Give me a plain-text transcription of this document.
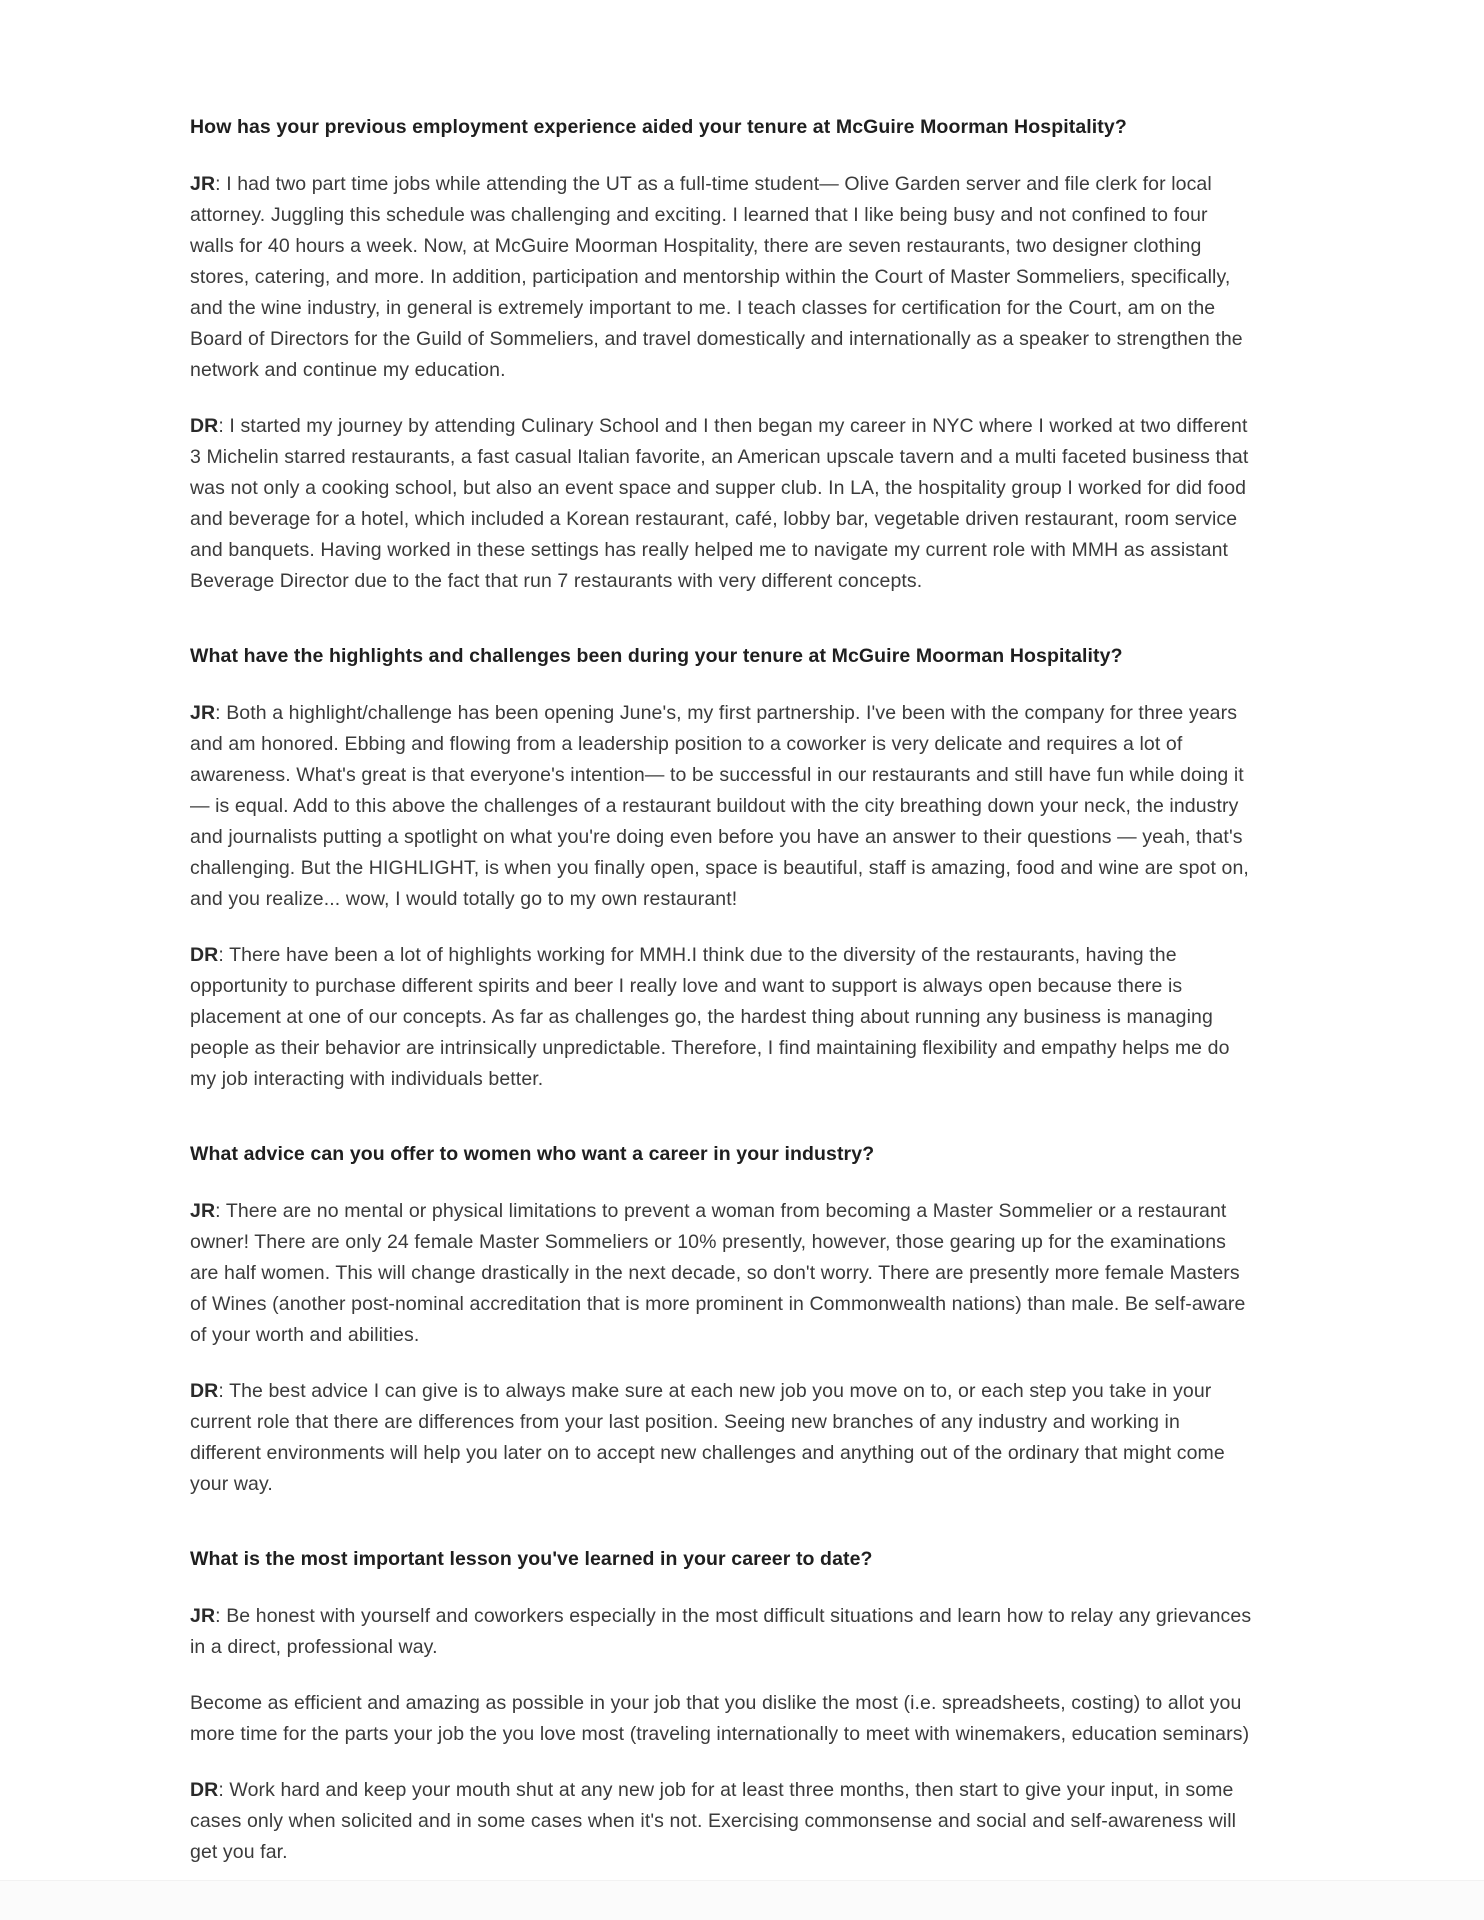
How has your previous employment experience aided your tenure at McGuire Moorman Hospitality?

JR: I had two part time jobs while attending the UT as a full-time student— Olive Garden server and file clerk for local attorney. Juggling this schedule was challenging and exciting. I learned that I like being busy and not confined to four walls for 40 hours a week. Now, at McGuire Moorman Hospitality, there are seven restaurants, two designer clothing stores, catering, and more. In addition, participation and mentorship within the Court of Master Sommeliers, specifically, and the wine industry, in general is extremely important to me. I teach classes for certification for the Court, am on the Board of Directors for the Guild of Sommeliers, and travel domestically and internationally as a speaker to strengthen the network and continue my education.

DR: I started my journey by attending Culinary School and I then began my career in NYC where I worked at two different 3 Michelin starred restaurants, a fast casual Italian favorite, an American upscale tavern and a multi faceted business that was not only a cooking school, but also an event space and supper club. In LA, the hospitality group I worked for did food and beverage for a hotel, which included a Korean restaurant, café, lobby bar, vegetable driven restaurant, room service and banquets. Having worked in these settings has really helped me to navigate my current role with MMH as assistant Beverage Director due to the fact that run 7 restaurants with very different concepts.

What have the highlights and challenges been during your tenure at McGuire Moorman Hospitality?

JR: Both a highlight/challenge has been opening June's, my first partnership. I've been with the company for three years and am honored. Ebbing and flowing from a leadership position to a coworker is very delicate and requires a lot of awareness. What's great is that everyone's intention— to be successful in our restaurants and still have fun while doing it— is equal. Add to this above the challenges of a restaurant buildout with the city breathing down your neck, the industry and journalists putting a spotlight on what you're doing even before you have an answer to their questions — yeah, that's challenging. But the HIGHLIGHT, is when you finally open, space is beautiful, staff is amazing, food and wine are spot on, and you realize... wow, I would totally go to my own restaurant!

DR: There have been a lot of highlights working for MMH.I think due to the diversity of the restaurants, having the opportunity to purchase different spirits and beer I really love and want to support is always open because there is placement at one of our concepts. As far as challenges go, the hardest thing about running any business is managing people as their behavior are intrinsically unpredictable. Therefore, I find maintaining flexibility and empathy helps me do my job interacting with individuals better.

What advice can you offer to women who want a career in your industry?

JR: There are no mental or physical limitations to prevent a woman from becoming a Master Sommelier or a restaurant owner! There are only 24 female Master Sommeliers or 10% presently, however, those gearing up for the examinations are half women. This will change drastically in the next decade, so don't worry. There are presently more female Masters of Wines (another post-nominal accreditation that is more prominent in Commonwealth nations) than male. Be self-aware of your worth and abilities.

DR: The best advice I can give is to always make sure at each new job you move on to, or each step you take in your current role that there are differences from your last position. Seeing new branches of any industry and working in different environments will help you later on to accept new challenges and anything out of the ordinary that might come your way.

What is the most important lesson you've learned in your career to date?

JR: Be honest with yourself and coworkers especially in the most difficult situations and learn how to relay any grievances in a direct, professional way.

Become as efficient and amazing as possible in your job that you dislike the most (i.e. spreadsheets, costing) to allot you more time for the parts your job the you love most (traveling internationally to meet with winemakers, education seminars)

DR: Work hard and keep your mouth shut at any new job for at least three months, then start to give your input, in some cases only when solicited and in some cases when it's not. Exercising commonsense and social and self-awareness will get you far.
